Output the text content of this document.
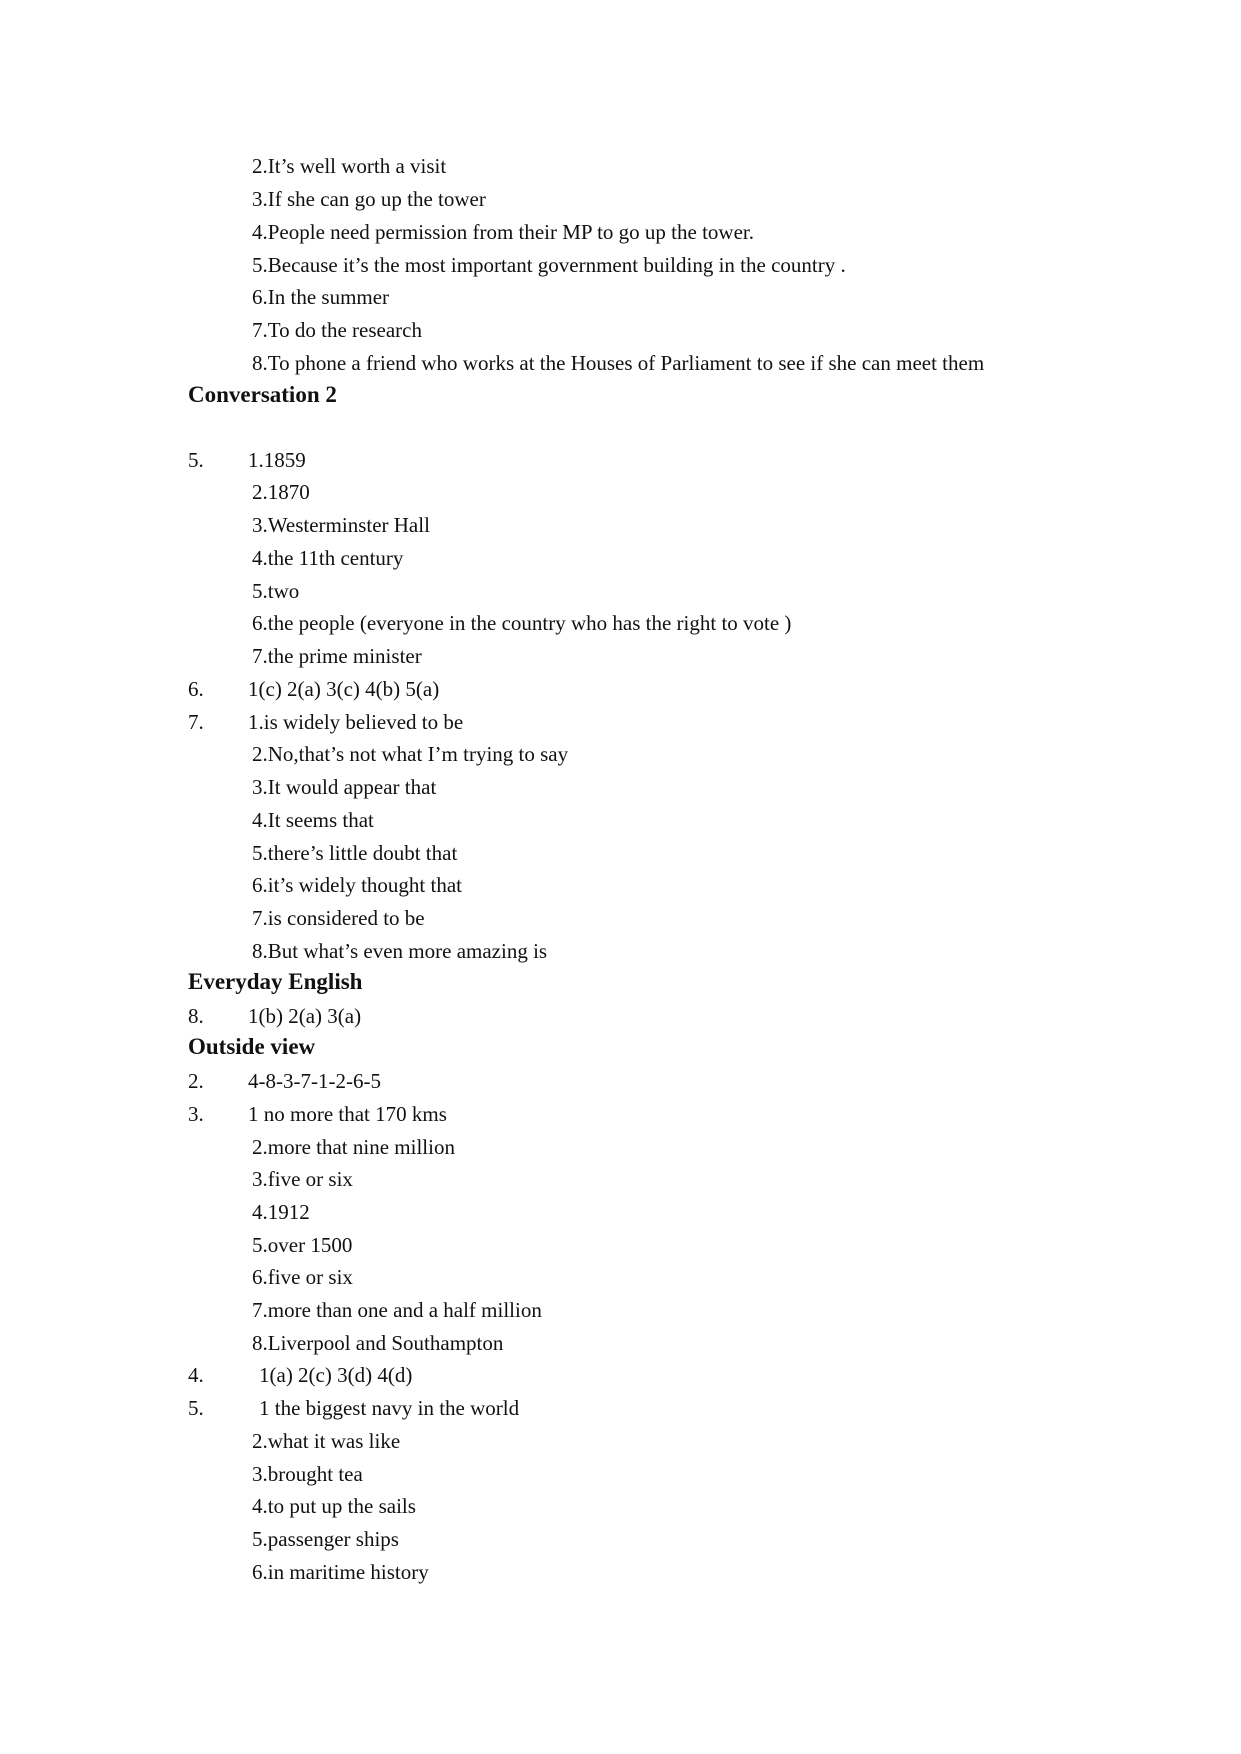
2.It’s well worth a visit
3.If she can go up the tower
4.People need permission from their MP to go up the tower.
5.Because it’s the most important government building in the country .
6.In the summer
7.To do the research
8.To phone a friend who works at the Houses of Parliament to see if she can meet them
Conversation 2
5. 1.1859
2.1870
3.Westerminster Hall
4.the 11th century
5.two
6.the people (everyone in the country who has the right to vote )
7.the prime minister
6. 1(c) 2(a) 3(c) 4(b) 5(a)
7. 1.is widely believed to be
2.No,that’s not what I’m trying to say
3.It would appear that
4.It seems that
5.there’s little doubt that
6.it’s widely thought that
7.is considered to be
8.But what’s even more amazing is
Everyday English
8. 1(b) 2(a) 3(a)
Outside view
2. 4-8-3-7-1-2-6-5
3. 1 no more that 170 kms
2.more that nine million
3.five or six
4.1912
5.over 1500
6.five or six
7.more than one and a half million
8.Liverpool and Southampton
4.	1(a) 2(c) 3(d) 4(d)
5.	1 the biggest navy in the world
2.what it was like
3.brought tea
4.to put up the sails
5.passenger ships
6.in maritime history
